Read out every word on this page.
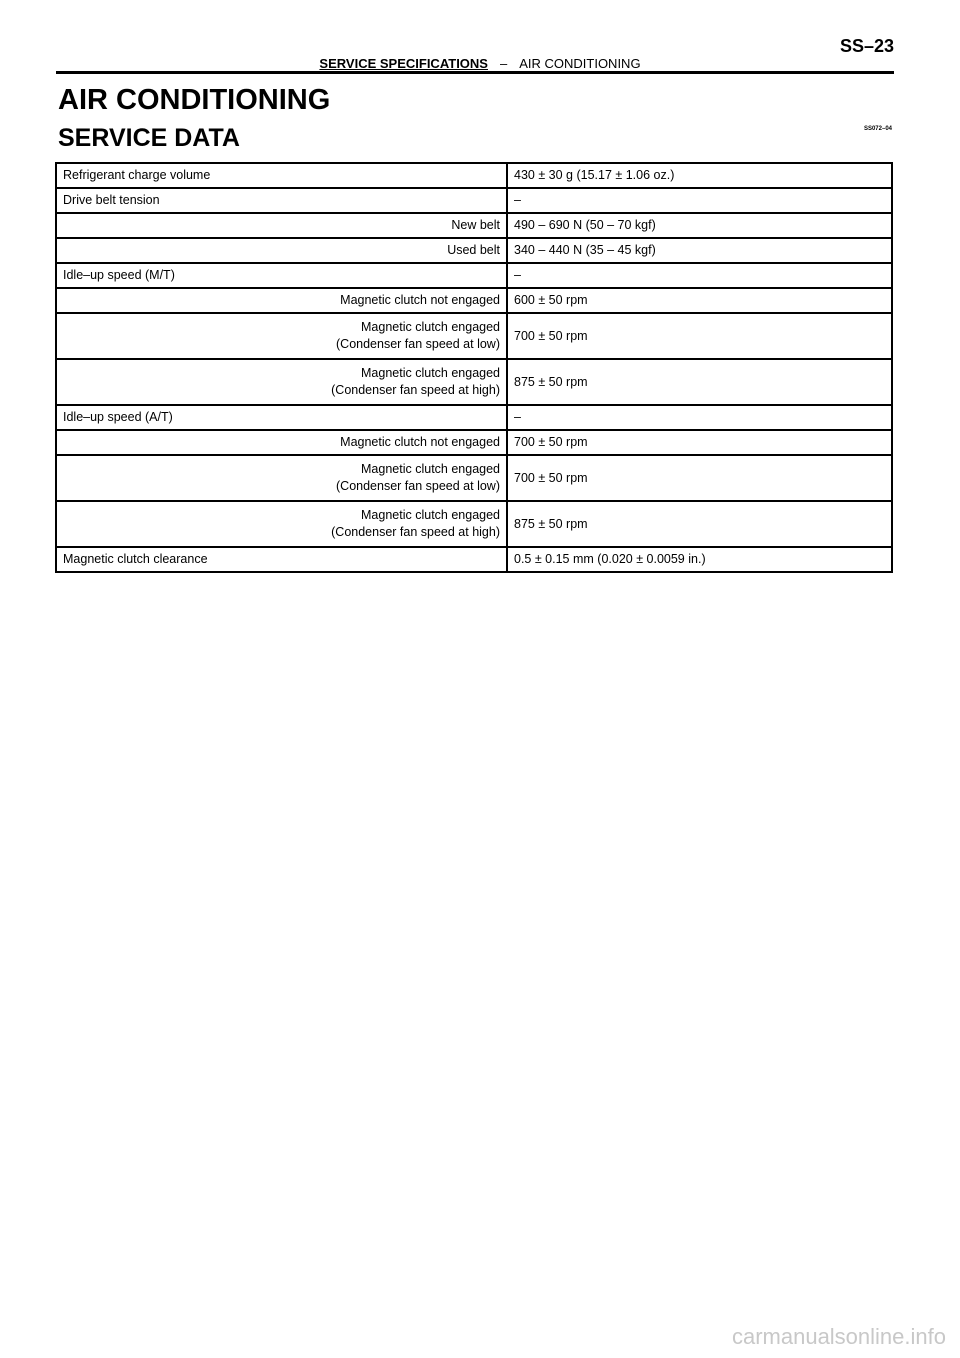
SERVICE SPECIFICATIONS – AIR CONDITIONING
SS–23
AIR CONDITIONING
SERVICE DATA	SS072–04
Refrigerant charge volume	430 ± 30 g (15.17 ± 1.06 oz.)
Drive belt tension	–
New belt	490 – 690 N (50 – 70 kgf)
Used belt	340 – 440 N (35 – 45 kgf)
Idle–up speed (M/T)	–
Magnetic clutch not engaged	600 ± 50 rpm

Magnetic clutch engaged
(Condenser fan speed at low)	700 ± 50 rpm

Magnetic clutch engaged
(Condenser fan speed at high)	875 ± 50 rpm
Idle–up speed (A/T)	–
Magnetic clutch not engaged	700 ± 50 rpm

Magnetic clutch engaged
(Condenser fan speed at low)	700 ± 50 rpm

Magnetic clutch engaged
(Condenser fan speed at high)	875 ± 50 rpm
Magnetic clutch clearance	0.5 ± 0.15 mm (0.020 ± 0.0059 in.)
carmanualsonline.info
